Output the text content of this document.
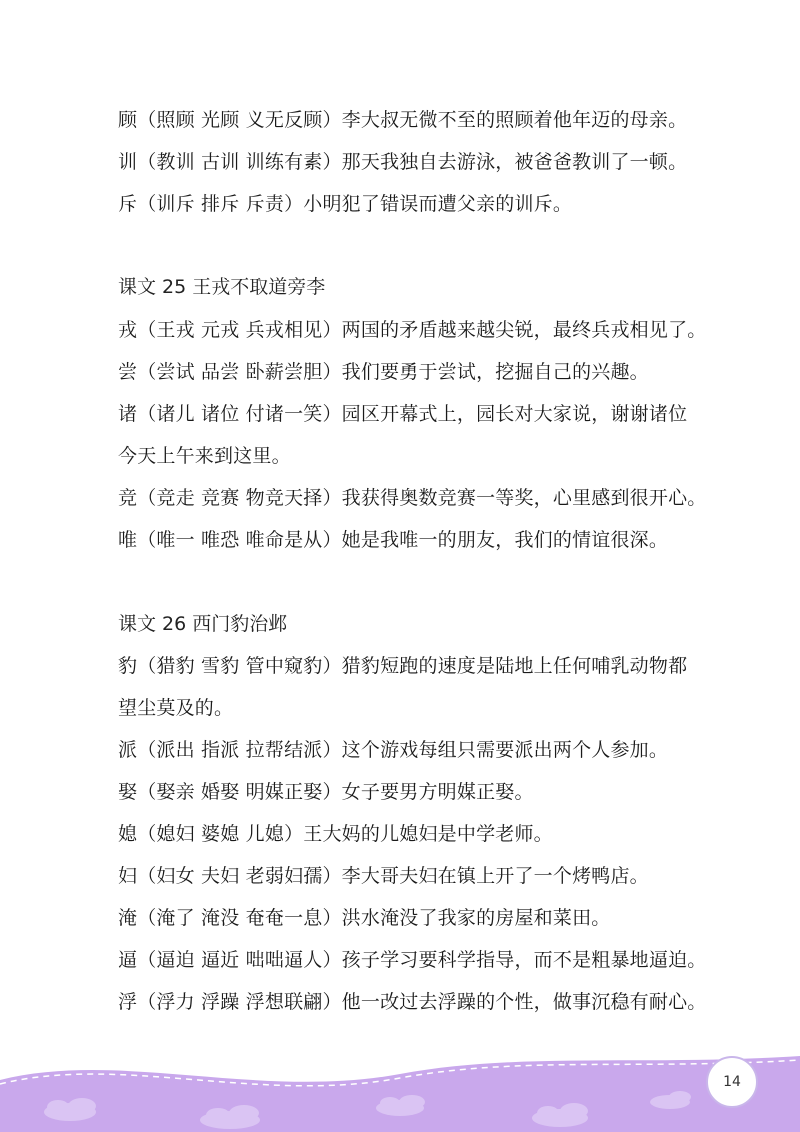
顾（照顾 光顾 义无反顾）李大叔无微不至的照顾着他年迈的母亲。
训（教训 古训 训练有素）那天我独自去游泳，被爸爸教训了一顿。
斥（训斥 排斥 斥责）小明犯了错误而遭父亲的训斥。
课文 25 王戎不取道旁李
戎（王戎 元戎 兵戎相见）两国的矛盾越来越尖锐，最终兵戎相见了。
尝（尝试 品尝 卧薪尝胆）我们要勇于尝试，挖掘自己的兴趣。
诸（诸儿 诸位 付诸一笑）园区开幕式上，园长对大家说，谢谢诸位
今天上午来到这里。
竞（竞走 竞赛 物竞天择）我获得奥数竞赛一等奖，心里感到很开心。
唯（唯一 唯恐 唯命是从）她是我唯一的朋友，我们的情谊很深。
课文 26 西门豹治邺
豹（猎豹 雪豹 管中窥豹）猎豹短跑的速度是陆地上任何哺乳动物都
望尘莫及的。
派（派出 指派 拉帮结派）这个游戏每组只需要派出两个人参加。
娶（娶亲 婚娶 明媒正娶）女子要男方明媒正娶。
媳（媳妇 婆媳 儿媳）王大妈的儿媳妇是中学老师。
妇（妇女 夫妇 老弱妇孺）李大哥夫妇在镇上开了一个烤鸭店。
淹（淹了 淹没 奄奄一息）洪水淹没了我家的房屋和菜田。
逼（逼迫 逼近 咄咄逼人）孩子学习要科学指导，而不是粗暴地逼迫。
浮（浮力 浮躁 浮想联翩）他一改过去浮躁的个性，做事沉稳有耐心。
14
